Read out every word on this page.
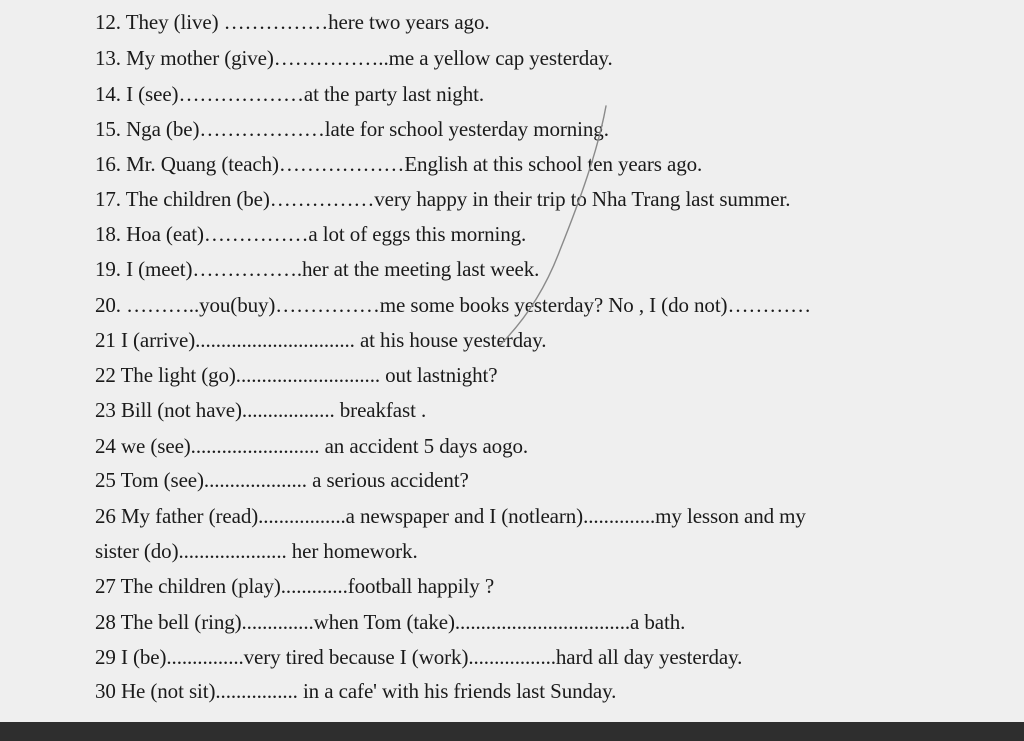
12. They (live) ……………here two years ago.
13. My mother (give)……………..me a yellow cap yesterday.
14. I (see)………………at the party last night.
15. Nga (be)………………late for school yesterday morning.
16. Mr. Quang (teach)………………English at this school ten years ago.
17. The children (be)……………very happy in their trip to Nha Trang last summer.
18. Hoa (eat)……………a lot of eggs this morning.
19. I (meet)…………….her at the meeting last week.
20. ………..you(buy)……………me some books yesterday? No , I (do not)…………
21 I (arrive)............................... at his house yesterday.
22 The light (go)............................ out lastnight?
23 Bill (not have).................. breakfast .
24 we (see)......................... an accident 5 days aogo.
25 Tom (see).................... a serious accident?
26 My father (read).................a newspaper and I (notlearn)..............my lesson and my
sister (do)..................... her homework.
27 The children (play).............football happily ?
28 The bell (ring)..............when Tom (take)..................................a bath.
29 I (be)...............very tired because I (work).................hard all day yesterday.
30 He (not sit)................ in a cafe' with his friends last Sunday.
